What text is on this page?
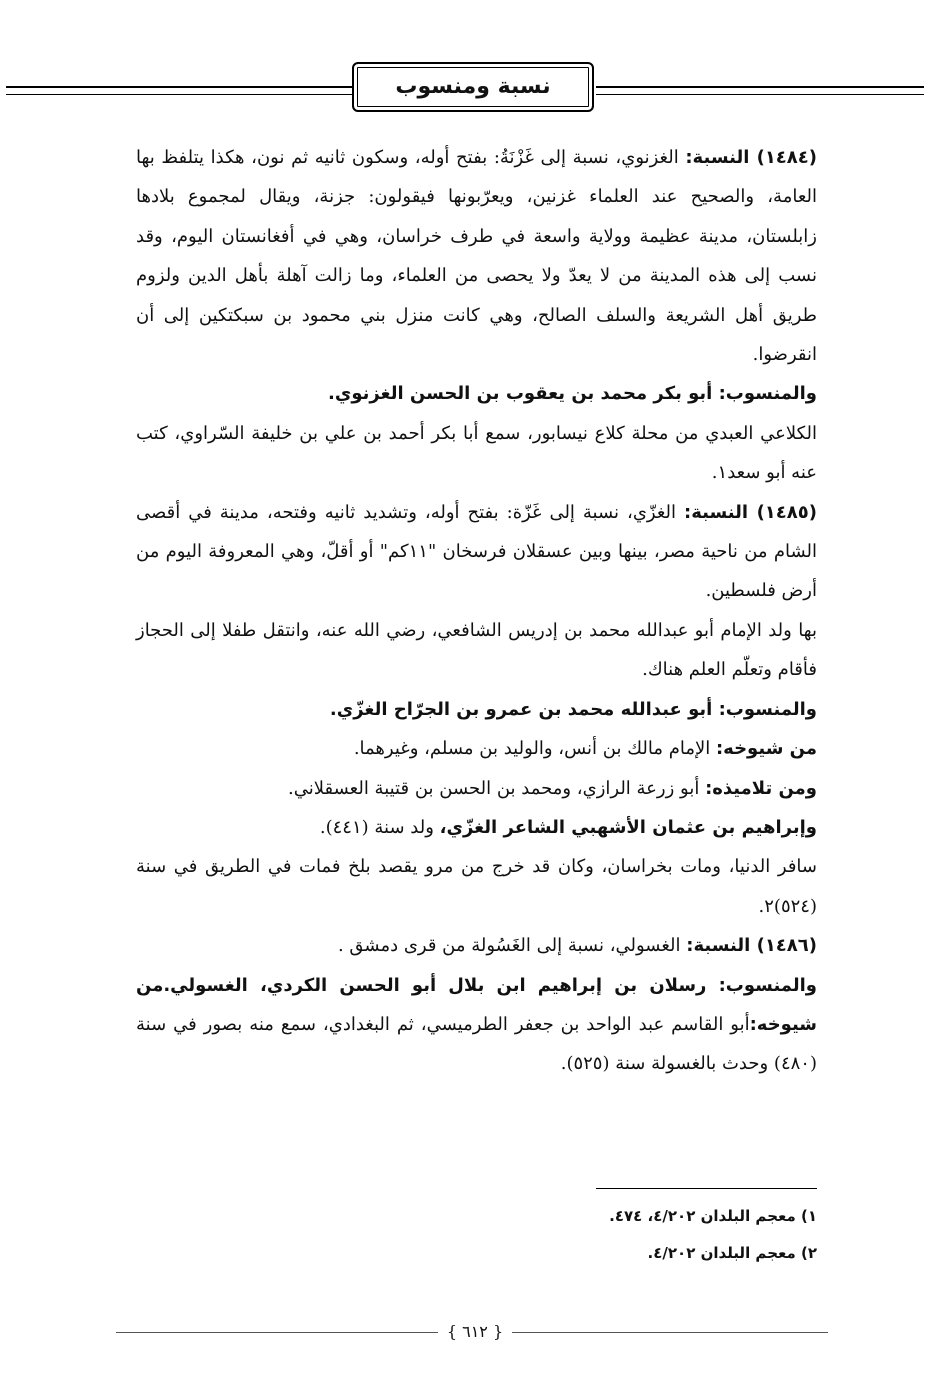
نسبة ومنسوب
(١٤٨٤) النسبة: الغزنوي، نسبة إلى غَزْنَةُ: بفتح أوله، وسكون ثانيه ثم نون، هكذا يتلفظ بها العامة، والصحيح عند العلماء غزنين، ويعرّبونها فيقولون: جزنة، ويقال لمجموع بلادها زابلستان، مدينة عظيمة وولاية واسعة في طرف خراسان، وهي في أفغانستان اليوم، وقد نسب إلى هذه المدينة من لا يعدّ ولا يحصى من العلماء، وما زالت آهلة بأهل الدين ولزوم طريق أهل الشريعة والسلف الصالح، وهي كانت منزل بني محمود بن سبكتكين إلى أن انقرضوا.
والمنسوب: أبو بكر محمد بن يعقوب بن الحسن الغزنوي.
الكلاعي العبدي من محلة كلاع نيسابور، سمع أبا بكر أحمد بن علي بن خليفة السّراوي، كتب عنه أبو سعد١.
(١٤٨٥) النسبة: الغزّي، نسبة إلى غَزّة: بفتح أوله، وتشديد ثانيه وفتحه، مدينة في أقصى الشام من ناحية مصر، بينها وبين عسقلان فرسخان "١١كم" أو أقلّ، وهي المعروفة اليوم من أرض فلسطين.
بها ولد الإمام أبو عبدالله محمد بن إدريس الشافعي، رضي الله عنه، وانتقل طفلا إلى الحجاز فأقام وتعلّم العلم هناك.
والمنسوب: أبو عبدالله محمد بن عمرو بن الجرّاح الغزّي.
من شيوخه: الإمام مالك بن أنس، والوليد بن مسلم، وغيرهما.
ومن تلاميذه: أبو زرعة الرازي، ومحمد بن الحسن بن قتيبة العسقلاني.
وإبراهيم بن عثمان الأشهبي الشاعر الغزّي، ولد سنة (٤٤١).
سافر الدنيا، ومات بخراسان، وكان قد خرج من مرو يقصد بلخ فمات في الطريق في سنة (٥٢٤)٢.
(١٤٨٦) النسبة: الغسولي، نسبة إلى الغَسُولة من قرى دمشق .
والمنسوب: رسلان بن إبراهيم ابن بلال أبو الحسن الكردي، الغسولي.من شيوخه:أبو القاسم عبد الواحد بن جعفر الطرميسي، ثم البغدادي، سمع منه بصور في سنة (٤٨٠) وحدث بالغسولة سنة (٥٢٥).
١) معجم البلدان ٤/٢٠٢، ٤٧٤.
٢) معجم البلدان ٤/٢٠٢.
{ ٦١٢ }
